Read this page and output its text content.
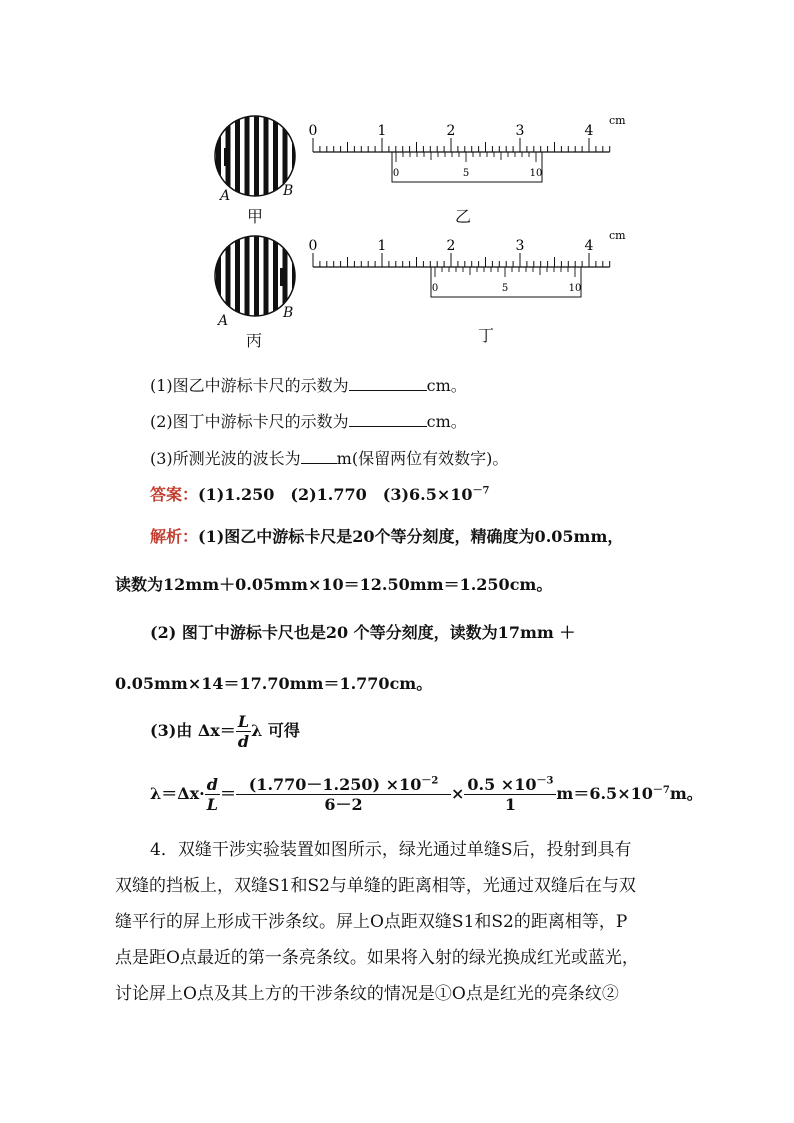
A	B
甲
0	1	2	3	4
cm
0	5	10
乙
A	B
丙
0	1	2	3	4
cm
0	5	10
丁
(1)图乙中游标卡尺的示数为	cm。
(2)图丁中游标卡尺的示数为	cm。
(3)所测光波的波长为 m(保留两位有效数字)。
答案：(1)1.250　(2)1.770　$(3)6.5\times 10^{-7}$
解析：(1)图乙中游标卡尺是20个等分刻度，精确度为0.05mm，
读数为12mm＋0.05mm×10＝12.50mm＝1.250cm。
(2) 图丁中游标卡尺也是20 个等分刻度，读数为17mm ＋
0.05mm×14＝17.70mm＝1.770cm。
(3)由 $\Delta x= \frac{L}{d}$ λ 可得
$\lambda=\Delta x\cdot \frac{d}{L} = \frac{(1.770-1.250) \times 10^{-2}}{6-2} \times \frac{0.5 \times 10^{-3}}{1} m=6.5\times 10^{-7}m$。
4．双缝干涉实验装置如图所示，绿光通过单缝S后，投射到具有
双缝的挡板上，双缝S1和S2与单缝的距离相等，光通过双缝后在与双
缝平行的屏上形成干涉条纹。屏上O点距双缝S1和S2的距离相等，P
点是距O点最近的第一条亮条纹。如果将入射的绿光换成红光或蓝光，
讨论屏上O点及其上方的干涉条纹的情况是①O点是红光的亮条纹②
